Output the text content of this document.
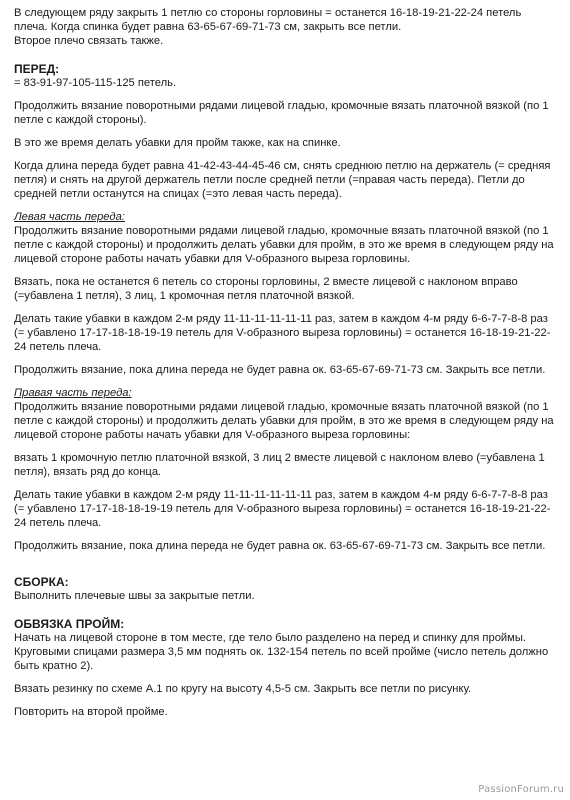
В следующем ряду закрыть 1 петлю со стороны горловины = останется 16-18-19-21-22-24 петель плеча. Когда спинка будет равна 63-65-67-69-71-73 см, закрыть все петли.

Второе плечо связать также.

ПЕРЕД:

= 83-91-97-105-115-125 петель.

Продолжить вязание поворотными рядами лицевой гладью, кромочные вязать платочной вязкой (по 1 петле с каждой стороны).

В это же время делать убавки для пройм также, как на спинке.

Когда длина переда будет равна 41-42-43-44-45-46 см, снять среднюю петлю на держатель (= средняя петля) и снять на другой держатель петли после средней петли (=правая часть переда). Петли до средней петли останутся на спицах (=это левая часть переда).

Левая часть переда:

Продолжить вязание поворотными рядами лицевой гладью, кромочные вязать платочной вязкой (по 1 петле с каждой стороны) и продолжить делать убавки для пройм, в это же время в следующем ряду на лицевой стороне работы начать убавки для V-образного выреза горловины.

Вязать, пока не останется 6 петель со стороны горловины, 2 вместе лицевой с наклоном вправо (=убавлена 1 петля), 3 лиц, 1 кромочная петля платочной вязкой.

Делать такие убавки в каждом 2-м ряду 11-11-11-11-11-11 раз, затем в каждом 4-м ряду 6-6-7-7-8-8 раз (= убавлено 17-17-18-18-19-19 петель для V-образного выреза горловины) = останется 16-18-19-21-22-24 петель плеча.

Продолжить вязание, пока длина переда не будет равна ок. 63-65-67-69-71-73 см. Закрыть все петли.

Правая часть переда:

Продолжить вязание поворотными рядами лицевой гладью, кромочные вязать платочной вязкой (по 1 петле с каждой стороны) и продолжить делать убавки для пройм, в это же время в следующем ряду на лицевой стороне работы начать убавки для V-образного выреза горловины:

вязать 1 кромочную петлю платочной вязкой, 3 лиц 2 вместе лицевой с наклоном влево (=убавлена 1 петля), вязать ряд до конца.

Делать такие убавки в каждом 2-м ряду 11-11-11-11-11-11 раз, затем в каждом 4-м ряду 6-6-7-7-8-8 раз (= убавлено 17-17-18-18-19-19 петель для V-образного выреза горловины) = останется 16-18-19-21-22-24 петель плеча.

Продолжить вязание, пока длина переда не будет равна ок. 63-65-67-69-71-73 см. Закрыть все петли.

СБОРКА:

Выполнить плечевые швы за закрытые петли.

ОБВЯЗКА ПРОЙМ:

Начать на лицевой стороне в том месте, где тело было разделено на перед и спинку для проймы. Круговыми спицами размера 3,5 мм поднять ок. 132-154 петель по всей пройме (число петель должно быть кратно 2).

Вязать резинку по схеме А.1 по кругу на высоту 4,5-5 см. Закрыть все петли по рисунку.

Повторить на второй пройме.

PassionForum.ru
